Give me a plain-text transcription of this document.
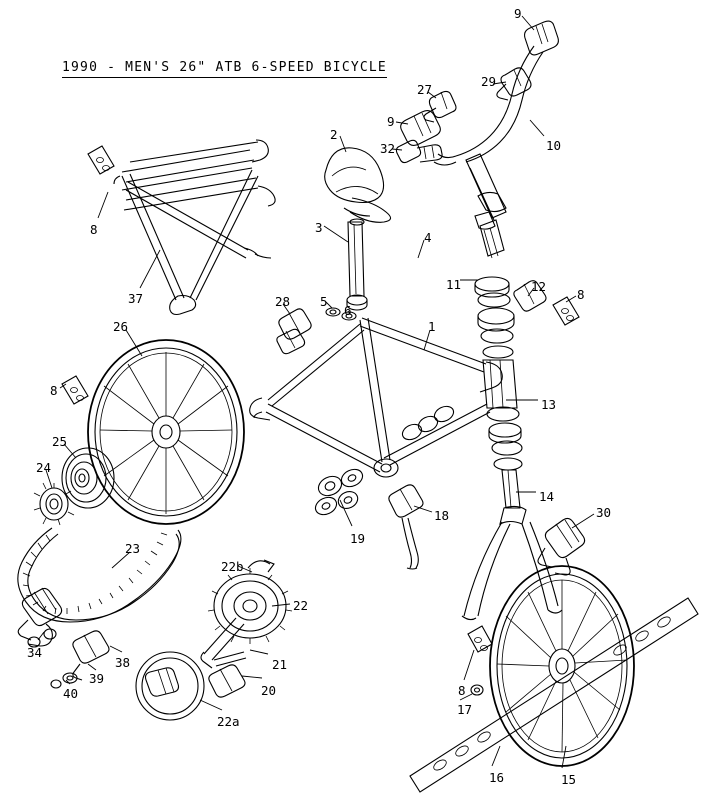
1990 - MEN'S 26" ATB 6-SPEED BICYCLE
9
27
29
9
2
32	10
8	3
4
11	12
8
37	28 5
6
26	1
8
13
25
24
14
30
18
19
23
22b
22
34
38	21
8
39
20
40
17
22a
16	15
